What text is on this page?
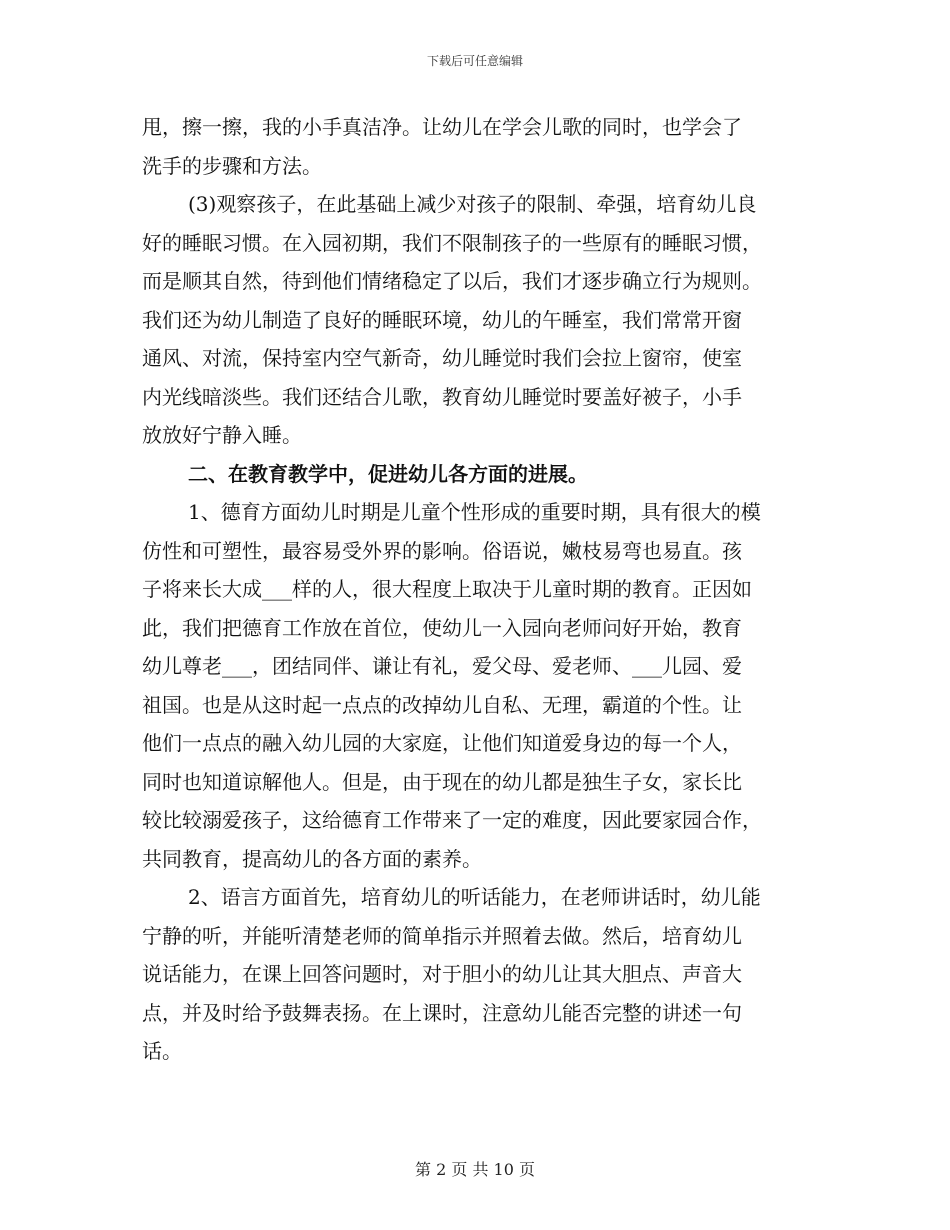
下载后可任意编辑
甩，擦一擦，我的小手真洁净。让幼儿在学会儿歌的同时，也学会了
洗手的步骤和方法。
(3)观察孩子，在此基础上减少对孩子的限制、牵强，培育幼儿良
好的睡眠习惯。在入园初期，我们不限制孩子的一些原有的睡眠习惯，
而是顺其自然，待到他们情绪稳定了以后，我们才逐步确立行为规则。
我们还为幼儿制造了良好的睡眠环境，幼儿的午睡室，我们常常开窗
通风、对流，保持室内空气新奇，幼儿睡觉时我们会拉上窗帘，使室
内光线暗淡些。我们还结合儿歌，教育幼儿睡觉时要盖好被子，小手
放放好宁静入睡。
二、在教育教学中，促进幼儿各方面的进展。
1、德育方面幼儿时期是儿童个性形成的重要时期，具有很大的模
仿性和可塑性，最容易受外界的影响。俗语说，嫩枝易弯也易直。孩
子将来长大成___样的人，很大程度上取决于儿童时期的教育。正因如
此，我们把德育工作放在首位，使幼儿一入园向老师问好开始，教育
幼儿尊老___，团结同伴、谦让有礼，爱父母、爱老师、___儿园、爱
祖国。也是从这时起一点点的改掉幼儿自私、无理，霸道的个性。让
他们一点点的融入幼儿园的大家庭，让他们知道爱身边的每一个人，
同时也知道谅解他人。但是，由于现在的幼儿都是独生子女，家长比
较比较溺爱孩子，这给德育工作带来了一定的难度，因此要家园合作，
共同教育，提高幼儿的各方面的素养。
2、语言方面首先，培育幼儿的听话能力，在老师讲话时，幼儿能
宁静的听，并能听清楚老师的简单指示并照着去做。然后，培育幼儿
说话能力，在课上回答问题时，对于胆小的幼儿让其大胆点、声音大
点，并及时给予鼓舞表扬。在上课时，注意幼儿能否完整的讲述一句
话。
第 2 页 共 10 页
